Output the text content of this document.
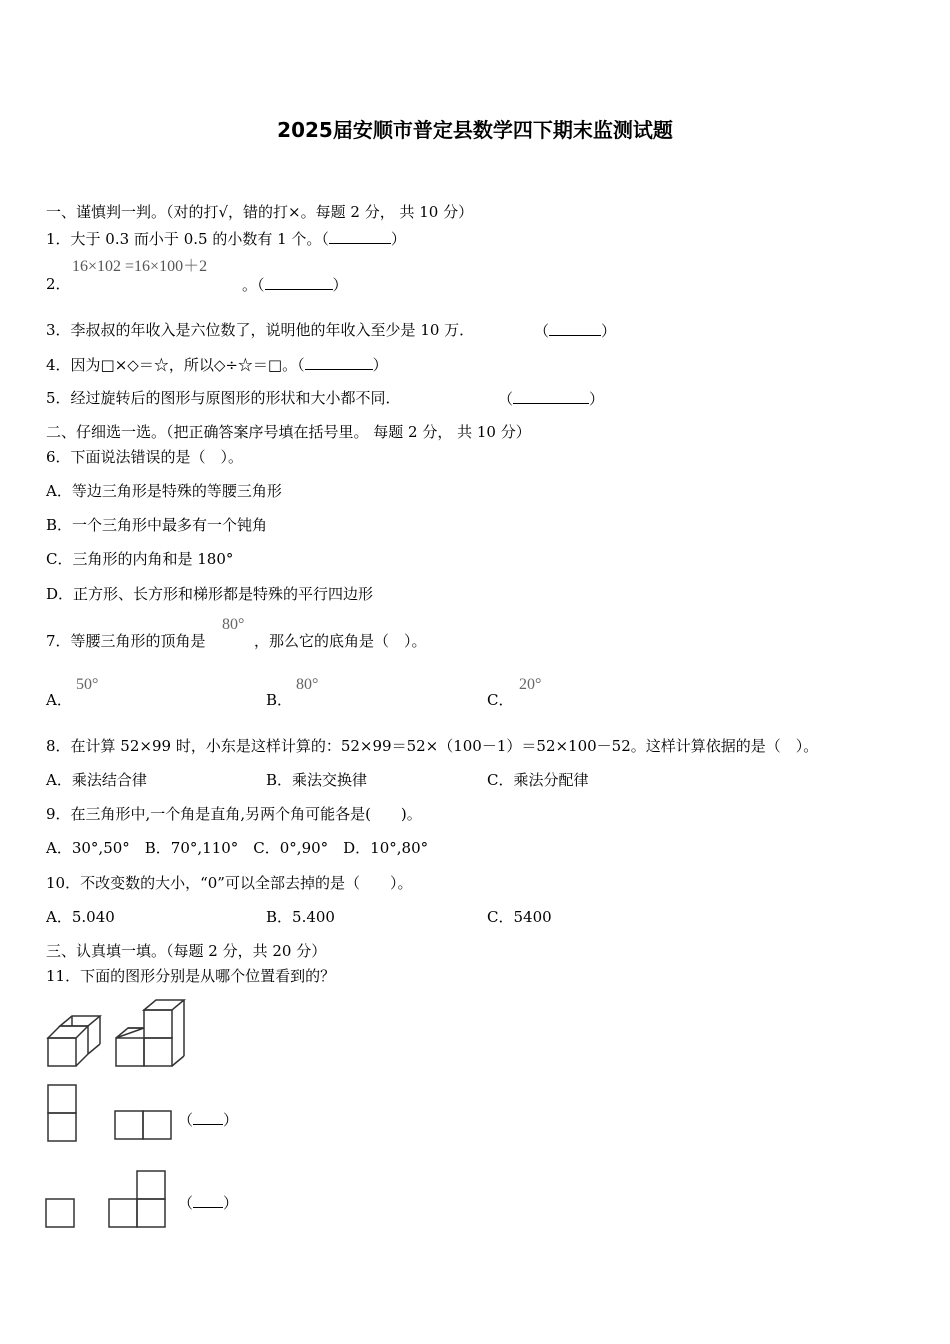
2025届安顺市普定县数学四下期末监测试题
一、谨慎判一判。（对的打√，错的打×。每题 2 分， 共 10 分）
1．大于 0.3 而小于 0.5 的小数有 1 个。（	）
2．
16×102 =16×100＋2
。（	）
3．李叔叔的年收入是六位数了，说明他的年收入至少是 10 万．	（	）
4．因为□×◇＝☆，所以◇÷☆＝□。（	）
5．经过旋转后的图形与原图形的形状和大小都不同．	（	）
二、仔细选一选。（把正确答案序号填在括号里。 每题 2 分， 共 10 分）
6．下面说法错误的是（　）。
A．等边三角形是特殊的等腰三角形
B．一个三角形中最多有一个钝角
C．三角形的内角和是 180°
D．正方形、长方形和梯形都是特殊的平行四边形
7．等腰三角形的顶角是
80°
，那么它的底角是（　）。
A．
50°
B．
80°
C．
20°
8．在计算 52×99 时，小东是这样计算的：52×99＝52×（100－1）＝52×100－52。这样计算依据的是（　）。
A．乘法结合律	B．乘法交换律	C．乘法分配律
9．在三角形中,一个角是直角,另两个角可能各是(　　)。
A．30°,50°　B．70°,110°　C．0°,90°　D．10°,80°
10．不改变数的大小，“0”可以全部去掉的是（　　）。
A．5.040	B．5.400	C．5400
三、认真填一填。（每题 2 分，共 20 分）
11．下面的图形分别是从哪个位置看到的？
（ ）
（ ）
